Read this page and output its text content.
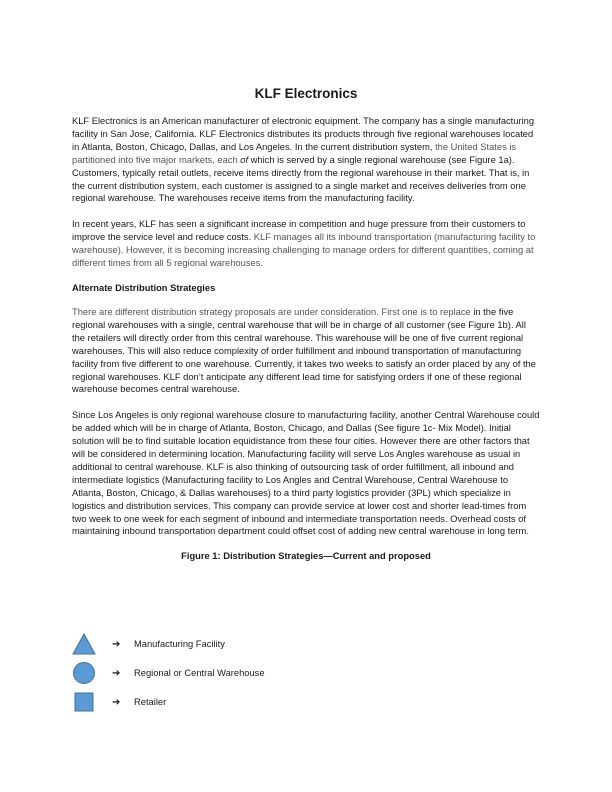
KLF Electronics

KLF Electronics is an American manufacturer of electronic equipment. The company has a single manufacturing facility in San Jose, California. KLF Electronics distributes its products through five regional warehouses located in Atlanta, Boston, Chicago, Dallas, and Los Angeles. In the current distribution system, the United States is partitioned into five major markets, each of which is served by a single regional warehouse (see Figure 1a). Customers, typically retail outlets, receive items directly from the regional warehouse in their market. That is, in the current distribution system, each customer is assigned to a single market and receives deliveries from one regional warehouse. The warehouses receive items from the manufacturing facility.

In recent years, KLF has seen a significant increase in competition and huge pressure from their customers to improve the service level and reduce costs. KLF manages all its inbound transportation (manufacturing facility to warehouse). However, it is becoming increasing challenging to manage orders for different quantities, coming at different times from all 5 regional warehouses.

Alternate Distribution Strategies

There are different distribution strategy proposals are under consideration. First one is to replace in the five regional warehouses with a single, central warehouse that will be in charge of all customer (see Figure 1b). All the retailers will directly order from this central warehouse. This warehouse will be one of five current regional warehouses. This will also reduce complexity of order fulfillment and inbound transportation of manufacturing facility from five different to one warehouse. Currently, it takes two weeks to satisfy an order placed by any of the regional warehouses. KLF don’t anticipate any different lead time for satisfying orders if one of these regional warehouse becomes central warehouse.

Since Los Angeles is only regional warehouse closure to manufacturing facility, another Central Warehouse could be added which will be in charge of Atlanta, Boston, Chicago, and Dallas (See figure 1c- Mix Model). Initial solution will be to find suitable location equidistance from these four cities. However there are other factors that will be considered in determining location. Manufacturing facility will serve Los Angles warehouse as usual in additional to central warehouse. KLF is also thinking of outsourcing task of order fulfillment, all inbound and intermediate logistics (Manufacturing facility to Los Angles and Central Warehouse, Central Warehouse to Atlanta, Boston, Chicago, & Dallas warehouses) to a third party logistics provider (3PL) which specialize in logistics and distribution services. This company can provide service at lower cost and shorter lead-times from two week to one week for each segment of inbound and intermediate transportation needs. Overhead costs of maintaining inbound transportation department could offset cost of adding new central warehouse in long term.

Figure 1: Distribution Strategies—Current and proposed

➔	Manufacturing Facility
➔	Regional or Central Warehouse
➔	Retailer
